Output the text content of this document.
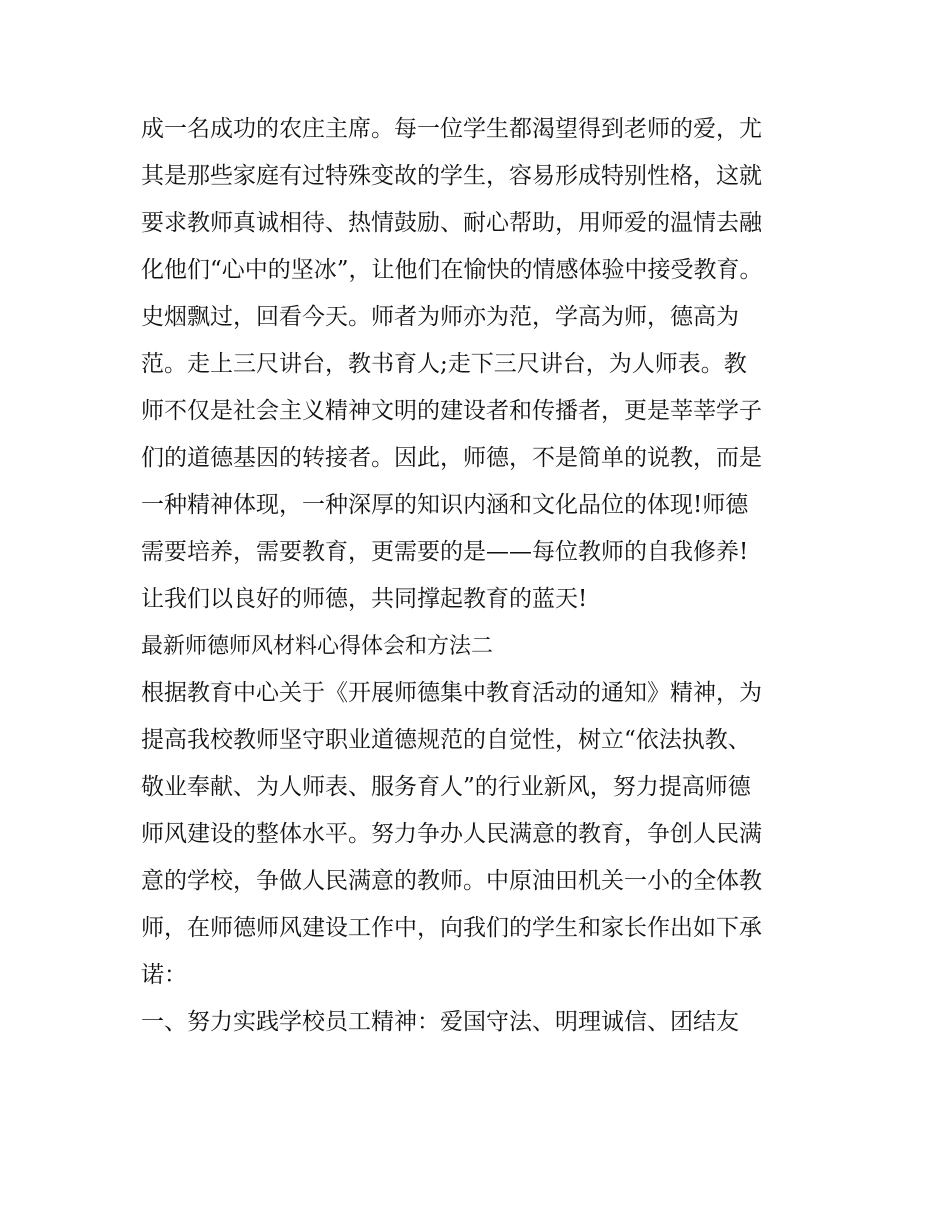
成一名成功的农庄主席。每一位学生都渴望得到老师的爱，尤
其是那些家庭有过特殊变故的学生，容易形成特别性格，这就
要求教师真诚相待、热情鼓励、耐心帮助，用师爱的温情去融
化他们“心中的坚冰”，让他们在愉快的情感体验中接受教育。
史烟飘过，回看今天。师者为师亦为范，学高为师，德高为
范。走上三尺讲台，教书育人;走下三尺讲台，为人师表。教
师不仅是社会主义精神文明的建设者和传播者，更是莘莘学子
们的道德基因的转接者。因此，师德，不是简单的说教，而是
一种精神体现，一种深厚的知识内涵和文化品位的体现!师德
需要培养，需要教育，更需要的是——每位教师的自我修养!
让我们以良好的师德，共同撑起教育的蓝天!
最新师德师风材料心得体会和方法二
根据教育中心关于《开展师德集中教育活动的通知》精神，为
提高我校教师坚守职业道德规范的自觉性，树立“依法执教、
敬业奉献、为人师表、服务育人”的行业新风，努力提高师德
师风建设的整体水平。努力争办人民满意的教育，争创人民满
意的学校，争做人民满意的教师。中原油田机关一小的全体教
师，在师德师风建设工作中，向我们的学生和家长作出如下承
诺：
一、努力实践学校员工精神：爱国守法、明理诚信、团结友
